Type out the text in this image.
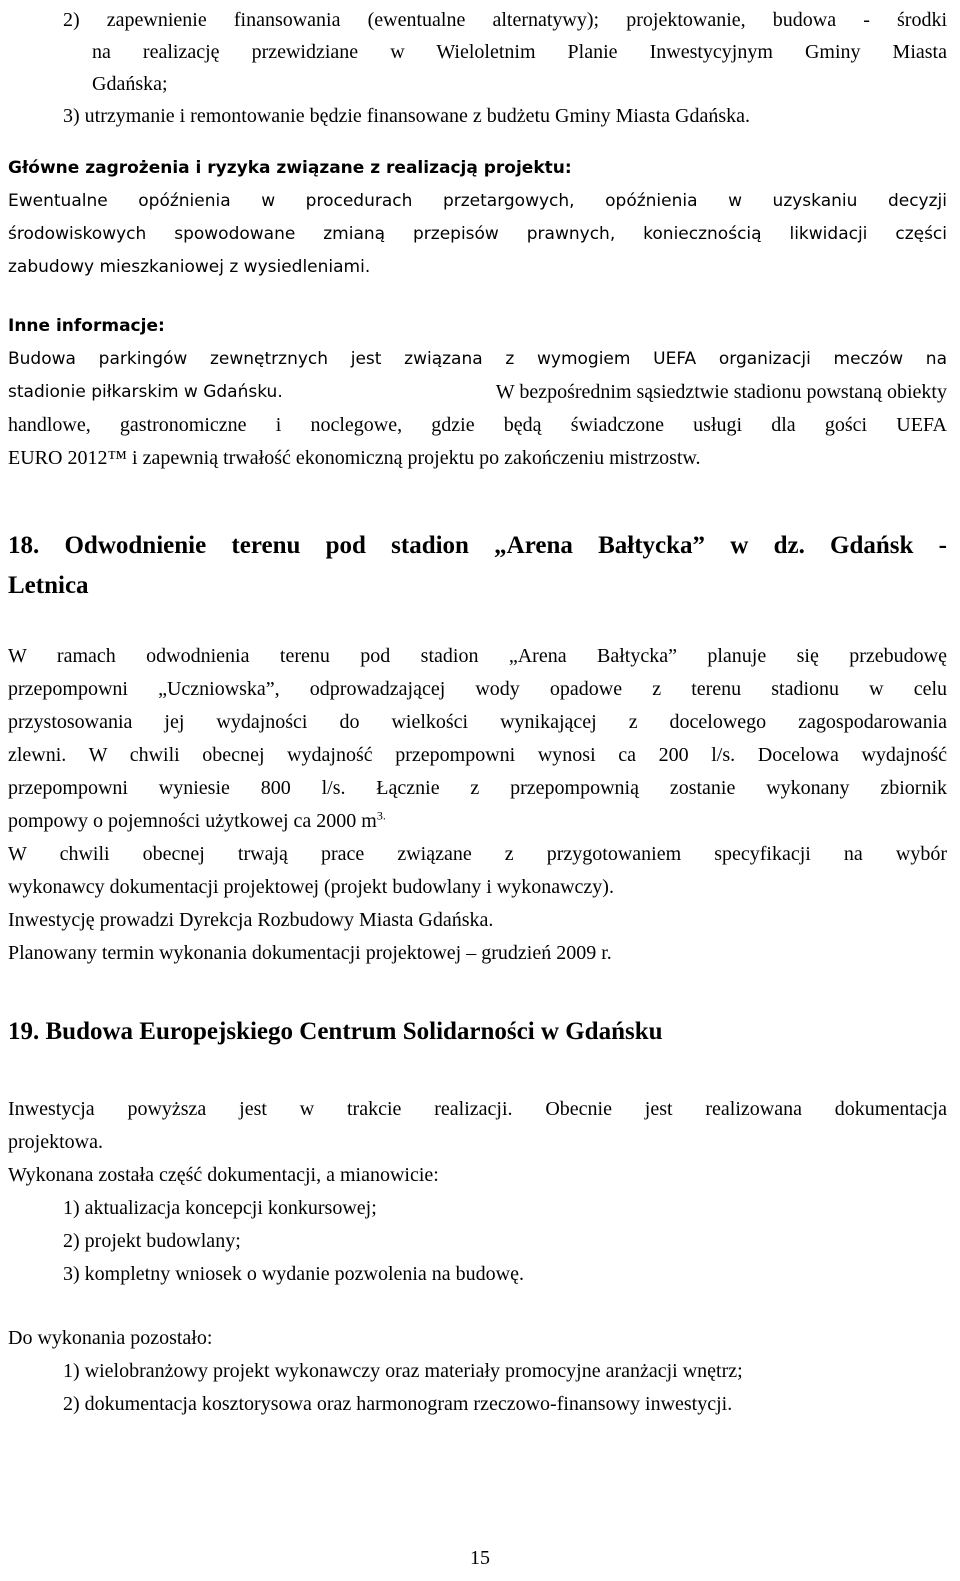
2) zapewnienie finansowania (ewentualne alternatywy); projektowanie, budowa - środki
na realizację przewidziane w Wieloletnim Planie Inwestycyjnym Gminy Miasta
Gdańska;
3) utrzymanie i remontowanie będzie finansowane z budżetu Gminy Miasta Gdańska.
Główne zagrożenia i ryzyka związane z realizacją projektu:
Ewentualne opóźnienia w procedurach przetargowych, opóźnienia w uzyskaniu decyzji
środowiskowych spowodowane zmianą przepisów prawnych, koniecznością likwidacji części
zabudowy mieszkaniowej z wysiedleniami.
Inne informacje:
Budowa parkingów zewnętrznych jest związana z wymogiem UEFA organizacji meczów na
stadionie piłkarskim w Gdańsku.	W bezpośrednim sąsiedztwie stadionu powstaną obiekty
handlowe, gastronomiczne i noclegowe, gdzie będą świadczone usługi dla gości UEFA
EURO 2012™ i zapewnią trwałość ekonomiczną projektu po zakończeniu mistrzostw.
18. Odwodnienie terenu pod stadion „Arena Bałtycka” w dz. Gdańsk -
Letnica
W ramach odwodnienia terenu pod stadion „Arena Bałtycka” planuje się przebudowę
przepompowni „Uczniowska”, odprowadzającej wody opadowe z terenu stadionu w celu
przystosowania jej wydajności do wielkości wynikającej z docelowego zagospodarowania
zlewni. W chwili obecnej wydajność przepompowni wynosi ca 200 l/s. Docelowa wydajność
przepompowni wyniesie 800 l/s. Łącznie z przepompownią zostanie wykonany zbiornik
pompowy o pojemności użytkowej ca 2000 $m^{3.}$
W chwili obecnej trwają prace związane z przygotowaniem specyfikacji na wybór
wykonawcy dokumentacji projektowej (projekt budowlany i wykonawczy).
Inwestycję prowadzi Dyrekcja Rozbudowy Miasta Gdańska.
Planowany termin wykonania dokumentacji projektowej – grudzień 2009 r.
19. Budowa Europejskiego Centrum Solidarności w Gdańsku
Inwestycja powyższa jest w trakcie realizacji. Obecnie jest realizowana dokumentacja
projektowa.
Wykonana została część dokumentacji, a mianowicie:
1) aktualizacja koncepcji konkursowej;
2) projekt budowlany;
3) kompletny wniosek o wydanie pozwolenia na budowę.
Do wykonania pozostało:
1) wielobranżowy projekt wykonawczy oraz materiały promocyjne aranżacji wnętrz;
2) dokumentacja kosztorysowa oraz harmonogram rzeczowo-finansowy inwestycji.
15
